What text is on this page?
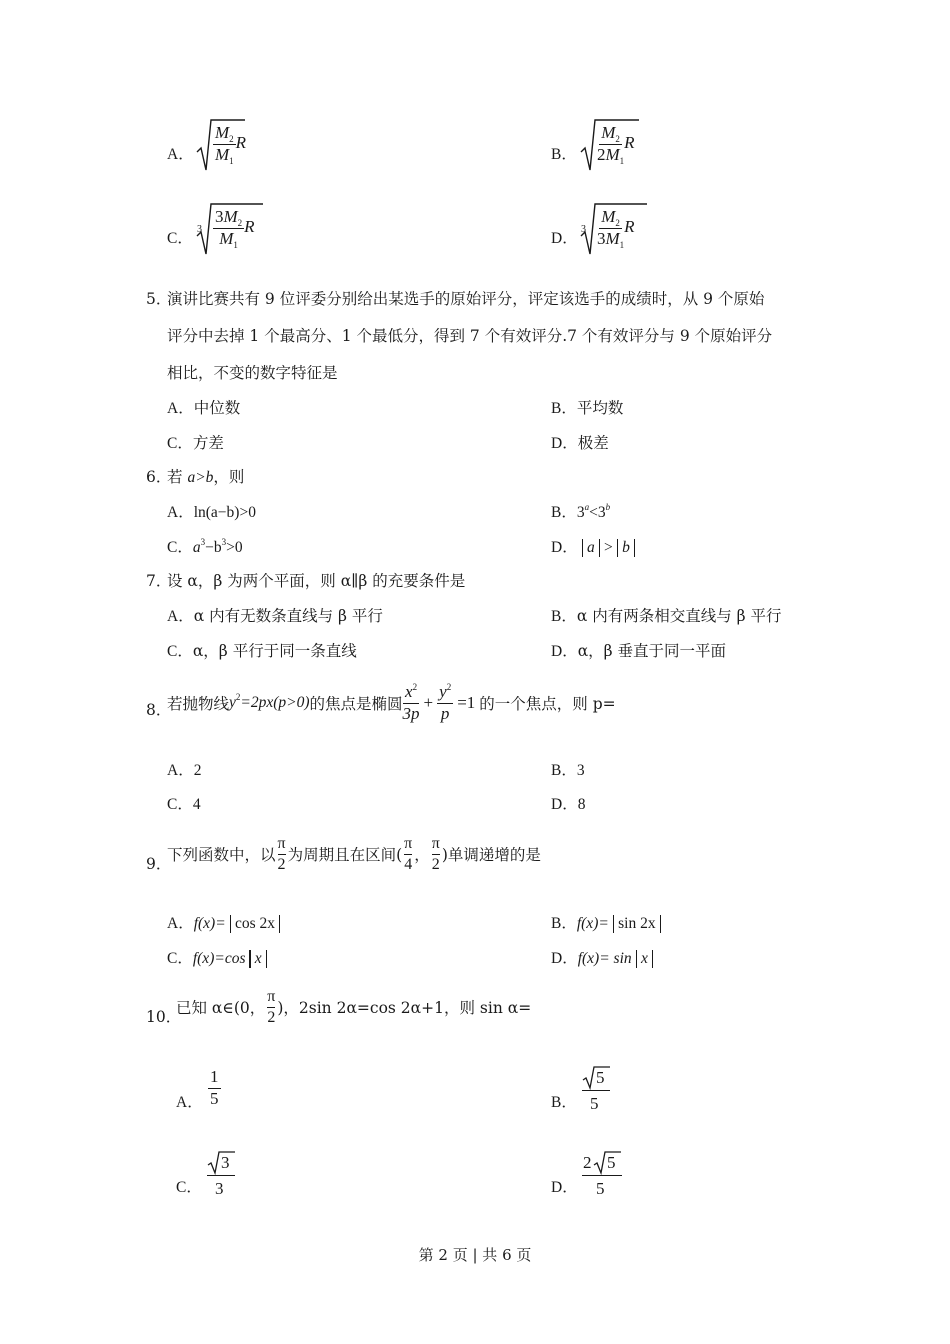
A． $\frac{M_2}{M_1}$ R
B． $\frac{M_2}{2M_1}$ R
C．
$3 \frac{3M_2}{M_1}$ R
D．
$3 \frac{M_2}{3M_1}$ R
5．
演讲比赛共有 9 位评委分别给出某选手的原始评分，评定该选手的成绩时，从 9 个原始
评分中去掉 1 个最高分、1 个最低分，得到 7 个有效评分.7 个有效评分与 9 个原始评分
相比，不变的数字特征是
A．中位数	B．平均数
C．方差	D．极差
6．
若 a>b，则
A．ln(a−b)>0	B．$3^a<3^b$
C．$a^3-b^3>0$	D． a > b
7．
设 α，β 为两个平面，则 α∥β 的充要条件是
A．α 内有无数条直线与 β 平行	B．α 内有两条相交直线与 β 平行
C．α，β 平行于同一条直线	D．α，β 垂直于同一平面
8．
若抛物线 $y^2=2px(p>0)$ 的焦点是椭圆 $\frac{x^2}{3p} + \frac{y^2}{p} =1$ 的一个焦点，则 p=
A．2	B．3
C．4	D．8
9．
下列函数中，以 $\frac{\pi}{2}$ 为周期且在区间( $\frac{\pi}{4}$ ， $\frac{\pi}{2}$ )单调递增的是
A．f(x)= cos 2x	B．f(x)= sin 2x
C．f(x)=cos x	D．f(x)= sin x
10．
已知 α∈(0， $\frac{\pi}{2}$ )，2sin 2α=cos 2α+1，则 sin α=
A． $\frac{1}{5}$	B．
5
5
C．
3
3	D．
2 5
5
第 2 页 | 共 6 页
